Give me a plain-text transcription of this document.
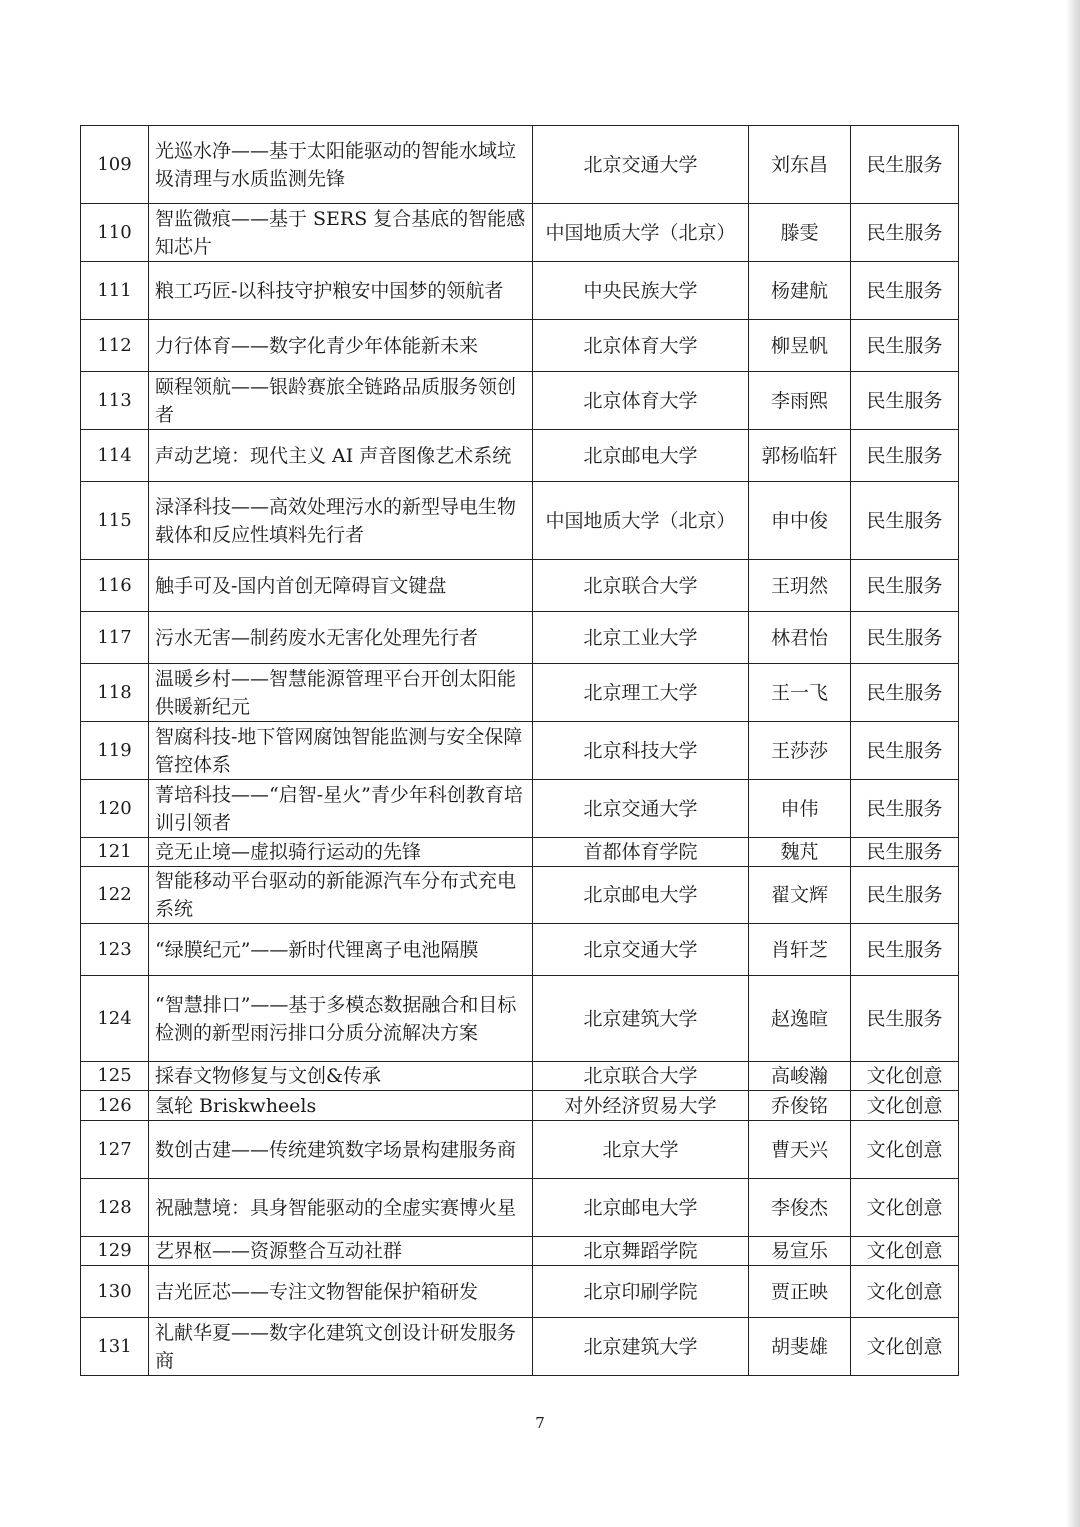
109	光巡水净——基于太阳能驱动的智能水域垃圾清理与水质监测先锋	北京交通大学	刘东昌	民生服务
110	智监微痕——基于 SERS 复合基底的智能感知芯片	中国地质大学（北京）	滕雯	民生服务
111	粮工巧匠-以科技守护粮安中国梦的领航者	中央民族大学	杨建航	民生服务
112	力行体育——数字化青少年体能新未来	北京体育大学	柳昱帆	民生服务
113	颐程领航——银龄赛旅全链路品质服务领创者	北京体育大学	李雨熙	民生服务
114	声动艺境：现代主义 AI 声音图像艺术系统	北京邮电大学	郭杨临轩	民生服务
115	渌泽科技——高效处理污水的新型导电生物载体和反应性填料先行者	中国地质大学（北京）	申中俊	民生服务
116	触手可及-国内首创无障碍盲文键盘	北京联合大学	王玥然	民生服务
117	污水无害—制药废水无害化处理先行者	北京工业大学	林君怡	民生服务
118	温暖乡村——智慧能源管理平台开创太阳能供暖新纪元	北京理工大学	王一飞	民生服务
119	智腐科技-地下管网腐蚀智能监测与安全保障管控体系	北京科技大学	王莎莎	民生服务
120	菁培科技——“启智-星火”青少年科创教育培训引领者	北京交通大学	申伟	民生服务
121	竞无止境—虚拟骑行运动的先锋	首都体育学院	魏芃	民生服务
122	智能移动平台驱动的新能源汽车分布式充电系统	北京邮电大学	翟文辉	民生服务
123	“绿膜纪元”——新时代锂离子电池隔膜	北京交通大学	肖轩芝	民生服务
124	“智慧排口”——基于多模态数据融合和目标检测的新型雨污排口分质分流解决方案	北京建筑大学	赵逸暄	民生服务
125	採春文物修复与文创&传承	北京联合大学	高峻瀚	文化创意
126	氢轮 Briskwheels	对外经济贸易大学	乔俊铭	文化创意
127	数创古建——传统建筑数字场景构建服务商	北京大学	曹天兴	文化创意
128	祝融慧境：具身智能驱动的全虚实赛博火星	北京邮电大学	李俊杰	文化创意
129	艺界枢——资源整合互动社群	北京舞蹈学院	易宣乐	文化创意
130	吉光匠芯——专注文物智能保护箱研发	北京印刷学院	贾正映	文化创意
131	礼献华夏——数字化建筑文创设计研发服务商	北京建筑大学	胡斐雄	文化创意
7
